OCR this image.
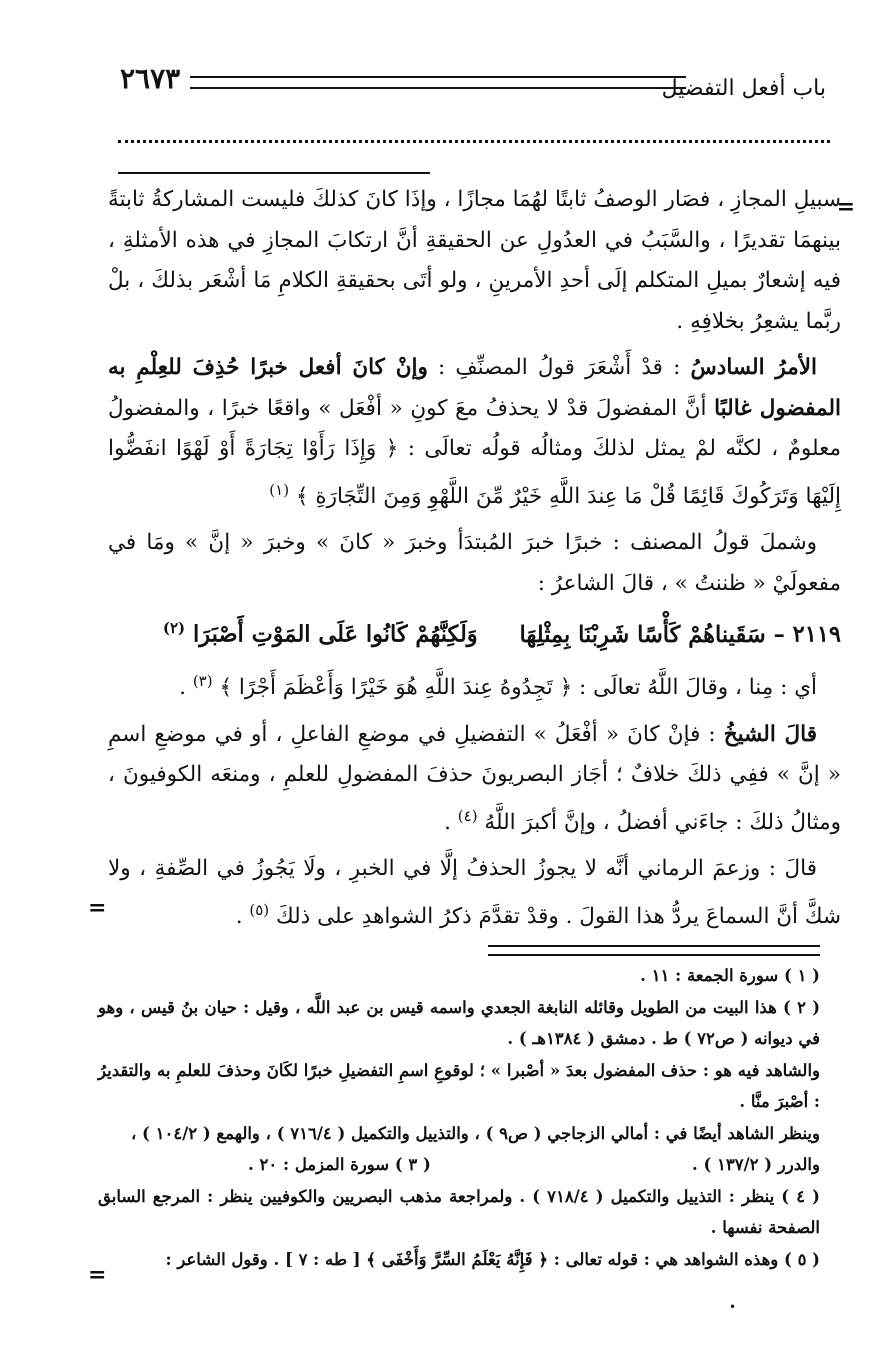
باب أفعل التفضيل
٢٦٧٣
=

سبيلِ المجازِ ، فصَار الوصفُ ثابتًا لهُمَا مجازًا ، وإذَا كانَ كذلكَ فليست المشاركةُ ثابتةً بينهمَا تقديرًا ، والسَّبَبُ في العدُولِ عن الحقيقةِ أنَّ ارتكابَ المجازِ في هذه الأمثلةِ ، فيه إشعارٌ بميلِ المتكلم إلَى أحدِ الأمرينِ ، ولو أتَى بحقيقةِ الكلامِ مَا أشْعَر بذلكَ ، بلْ ربَّما يشعِرُ بخلافِهِ .

الأمرُ السادسُ : قدْ أَشْعَرَ قولُ المصنِّفِ : وإنْ كانَ أفعل خبرًا حُذِفَ للعِلْمِ به المفضول غالبًا أنَّ المفضولَ قدْ لا يحذفُ معَ كونِ « أفْعَل » واقعًا خبرًا ، والمفضولُ معلومٌ ، لكنَّه لمْ يمثل لذلكَ ومثالُه قولُه تعالَى : ﴿ وَإِذَا رَأَوْا تِجَارَةً أَوْ لَهْوًا انفَضُّوا إِلَيْهَا وَتَرَكُوكَ قَائِمًا قُلْ مَا عِندَ اللَّهِ خَيْرٌ مِّنَ اللَّهْوِ وَمِنَ التِّجَارَةِ ﴾ $^{(١)}$

وشملَ قولُ المصنف : خبرًا خبرَ المُبتدَأ وخبرَ « كانَ » وخبرَ « إنَّ » ومَا في مفعولَيْ « ظننتُ » ، قالَ الشاعرُ :

٢١١٩ – سَقَيناهُمْ كَأْسًا شَرِبْنَا بِمِثْلِهَا وَلَكِنَّهُمْ كَانُوا عَلَى المَوْتِ أَصْبَرَا $^{(٢)}$

أي : مِنا ، وقالَ اللَّهُ تعالَى : ﴿ تَجِدُوهُ عِندَ اللَّهِ هُوَ خَيْرًا وَأَعْظَمَ أَجْرًا ﴾ $^{(٣)}$ .

قالَ الشيخُ : فإنْ كانَ « أفْعَلُ » التفضيلِ في موضعِ الفاعلِ ، أو في موضعِ اسمِ « إنَّ » ففِي ذلكَ خلافٌ ؛ أجَاز البصريونَ حذفَ المفضولِ للعلمِ ، ومنعَه الكوفيونَ ، ومثالُ ذلكَ : جاءَني أفضلُ ، وإنَّ أكبرَ اللَّهُ $^{(٤)}$ .

قالَ : وزعمَ الرماني أنَّه لا يجوزُ الحذفُ إلَّا في الخبرِ ، ولَا يَجُوزُ في الصِّفةِ ، ولا شكَّ أنَّ السماعَ يردُّ هذا القولَ . وقدْ تقدَّمَ ذكرُ الشواهدِ على ذلكَ $^{(٥)}$ .

=

( ١ ) سورة الجمعة : ١١ .

( ٢ ) هذا البيت من الطويل وقائله النابغة الجعدي واسمه قيس بن عبد اللَّه ، وقيل : حيان بنُ قيس ، وهو في ديوانه ( ص٧٢ ) ط . دمشق ( ١٣٨٤هـ ) .

والشاهد فيه هو : حذف المفضول بعدَ « أصْبرا » ؛ لوقوعِ اسمِ التفضيلِ خبرًا لكَانَ وحذفَ للعلمِ به والتقديرُ : أصْبرَ منَّا .

وينظر الشاهد أيضًا في : أمالي الزجاجي ( ص٩ ) ، والتذييل والتكميل ( ٧١٦/٤ ) ، والهمع ( ١٠٤/٢ ) ،

والدرر ( ١٣٧/٢ ) .
( ٣ ) سورة المزمل : ٢٠ .

( ٤ ) ينظر : التذييل والتكميل ( ٧١٨/٤ ) . ولمراجعة مذهب البصريين والكوفيين ينظر : المرجع السابق الصفحة نفسها .

( ٥ ) وهذه الشواهد هي : قوله تعالى : ﴿ فَإِنَّهُ يَعْلَمُ السِّرَّ وَأَخْفَى ﴾ [ طه : ٧ ] . وقول الشاعر :

=
•
